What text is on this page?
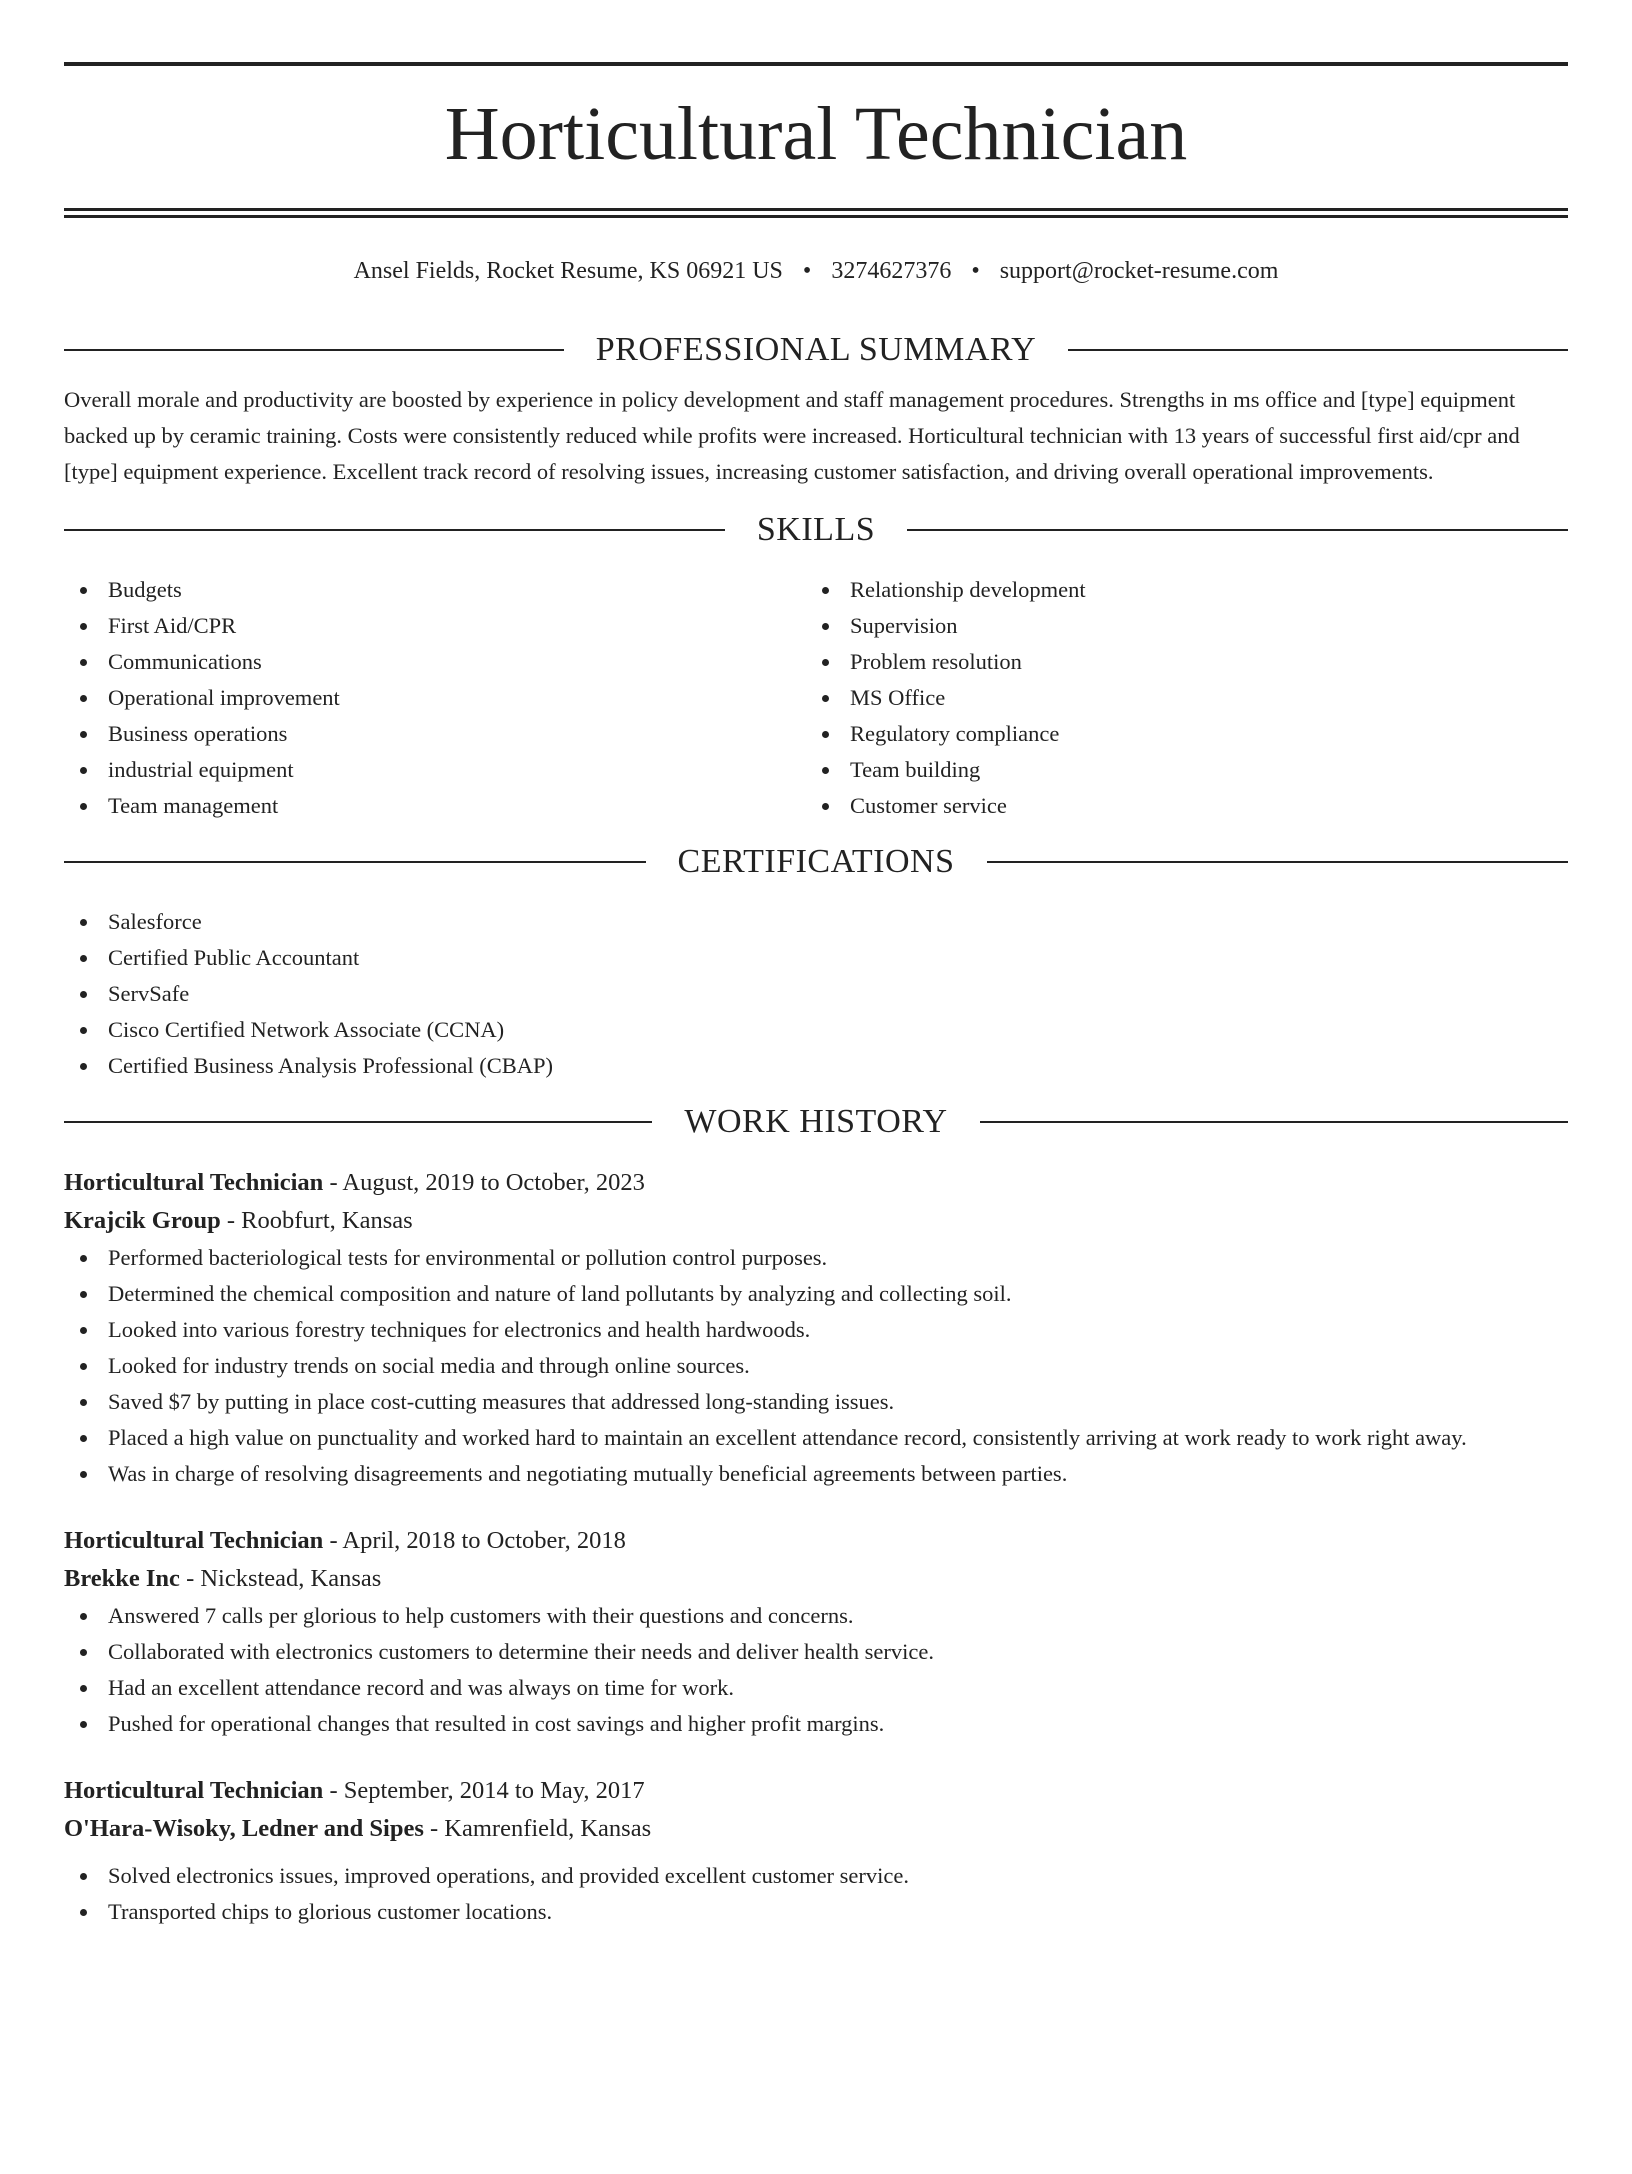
Horticultural Technician
Ansel Fields, Rocket Resume, KS 06921 US • 3274627376 • support@rocket-resume.com
PROFESSIONAL SUMMARY
Overall morale and productivity are boosted by experience in policy development and staff management procedures. Strengths in ms office and [type] equipment backed up by ceramic training. Costs were consistently reduced while profits were increased. Horticultural technician with 13 years of successful first aid/cpr and [type] equipment experience. Excellent track record of resolving issues, increasing customer satisfaction, and driving overall operational improvements.
SKILLS
Budgets
First Aid/CPR
Communications
Operational improvement
Business operations
industrial equipment
Team management
Relationship development
Supervision
Problem resolution
MS Office
Regulatory compliance
Team building
Customer service
CERTIFICATIONS
Salesforce
Certified Public Accountant
ServSafe
Cisco Certified Network Associate (CCNA)
Certified Business Analysis Professional (CBAP)
WORK HISTORY
Horticultural Technician - August, 2019 to October, 2023
Krajcik Group - Roobfurt, Kansas
Performed bacteriological tests for environmental or pollution control purposes.
Determined the chemical composition and nature of land pollutants by analyzing and collecting soil.
Looked into various forestry techniques for electronics and health hardwoods.
Looked for industry trends on social media and through online sources.
Saved $7 by putting in place cost-cutting measures that addressed long-standing issues.
Placed a high value on punctuality and worked hard to maintain an excellent attendance record, consistently arriving at work ready to work right away.
Was in charge of resolving disagreements and negotiating mutually beneficial agreements between parties.
Horticultural Technician - April, 2018 to October, 2018
Brekke Inc - Nickstead, Kansas
Answered 7 calls per glorious to help customers with their questions and concerns.
Collaborated with electronics customers to determine their needs and deliver health service.
Had an excellent attendance record and was always on time for work.
Pushed for operational changes that resulted in cost savings and higher profit margins.
Horticultural Technician - September, 2014 to May, 2017
O'Hara-Wisoky, Ledner and Sipes - Kamrenfield, Kansas
Solved electronics issues, improved operations, and provided excellent customer service.
Transported chips to glorious customer locations.
